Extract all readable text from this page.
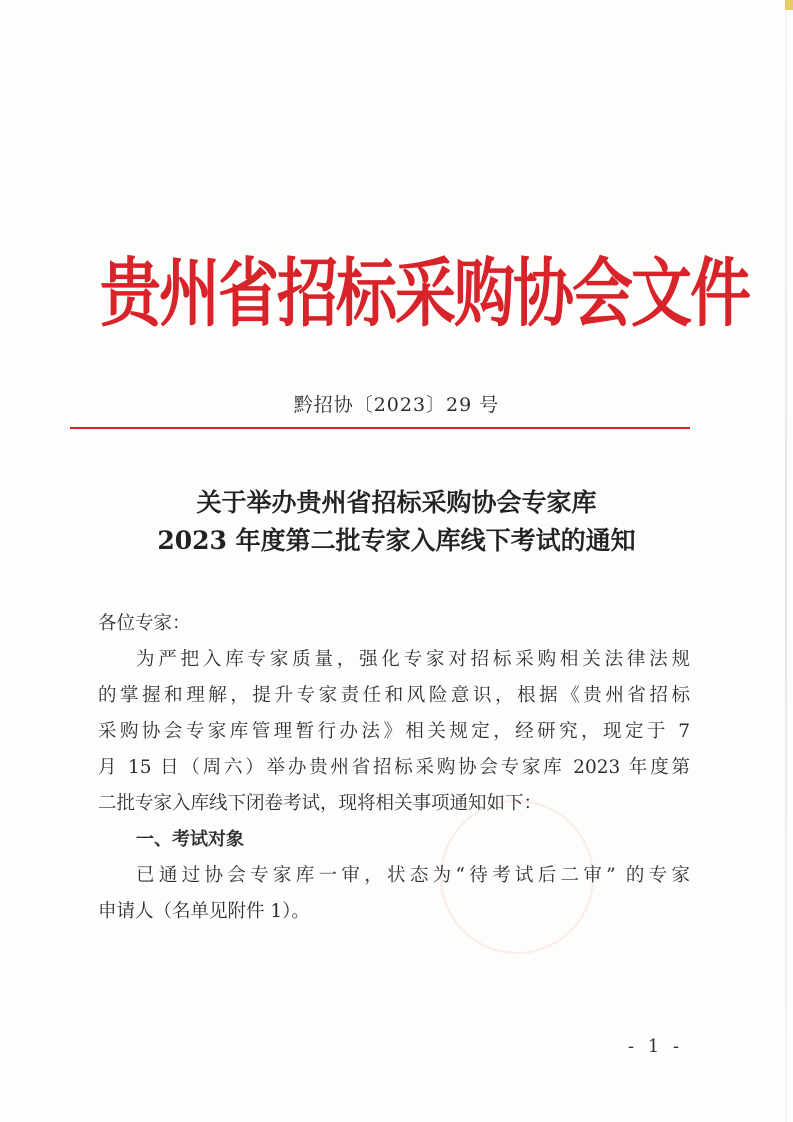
贵州省招标采购协会文件
黔招协〔2023〕29 号
关于举办贵州省招标采购协会专家库
2023 年度第二批专家入库线下考试的通知
各位专家：
为严把入库专家质量，强化专家对招标采购相关法律法规
的掌握和理解，提升专家责任和风险意识，根据《贵州省招标
采购协会专家库管理暂行办法》相关规定，经研究，现定于 7
月 15 日（周六）举办贵州省招标采购协会专家库 2023 年度第
二批专家入库线下闭卷考试，现将相关事项通知如下：
一、考试对象
已通过协会专家库一审，状态为“待考试后二审” 的专家
申请人（名单见附件 1）。
- 1 -
